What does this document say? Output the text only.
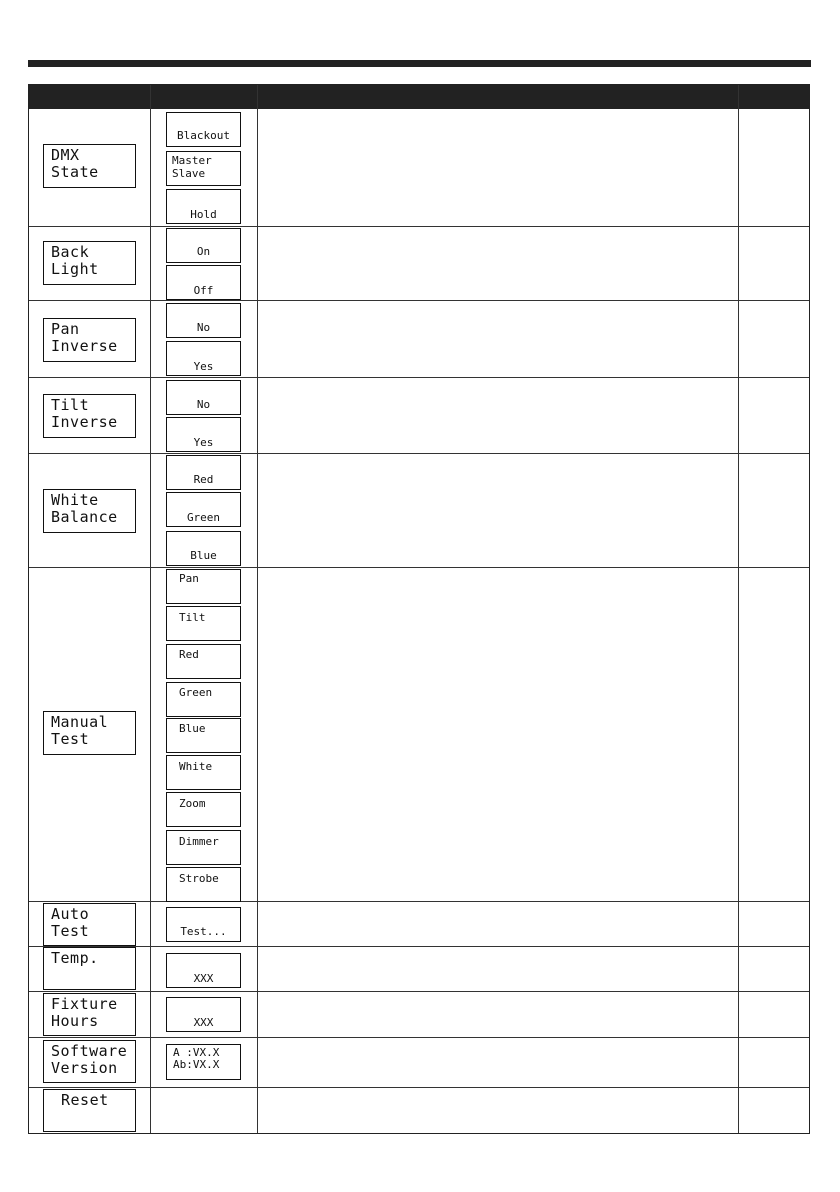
DMX
State
Blackout
Master
Slave
Hold
Back
Light
On
Off
Pan
Inverse
No
Yes
Tilt
Inverse
No
Yes
White
Balance
Red
Green
Blue
Manual
Test
Pan
Tilt
Red
Green
Blue
White
Zoom
Dimmer
Strobe
Auto
Test	Test...
Temp.
XXX
Fixture
Hours	XXX
Software
Version
A :VX.X
Ab:VX.X
Reset
